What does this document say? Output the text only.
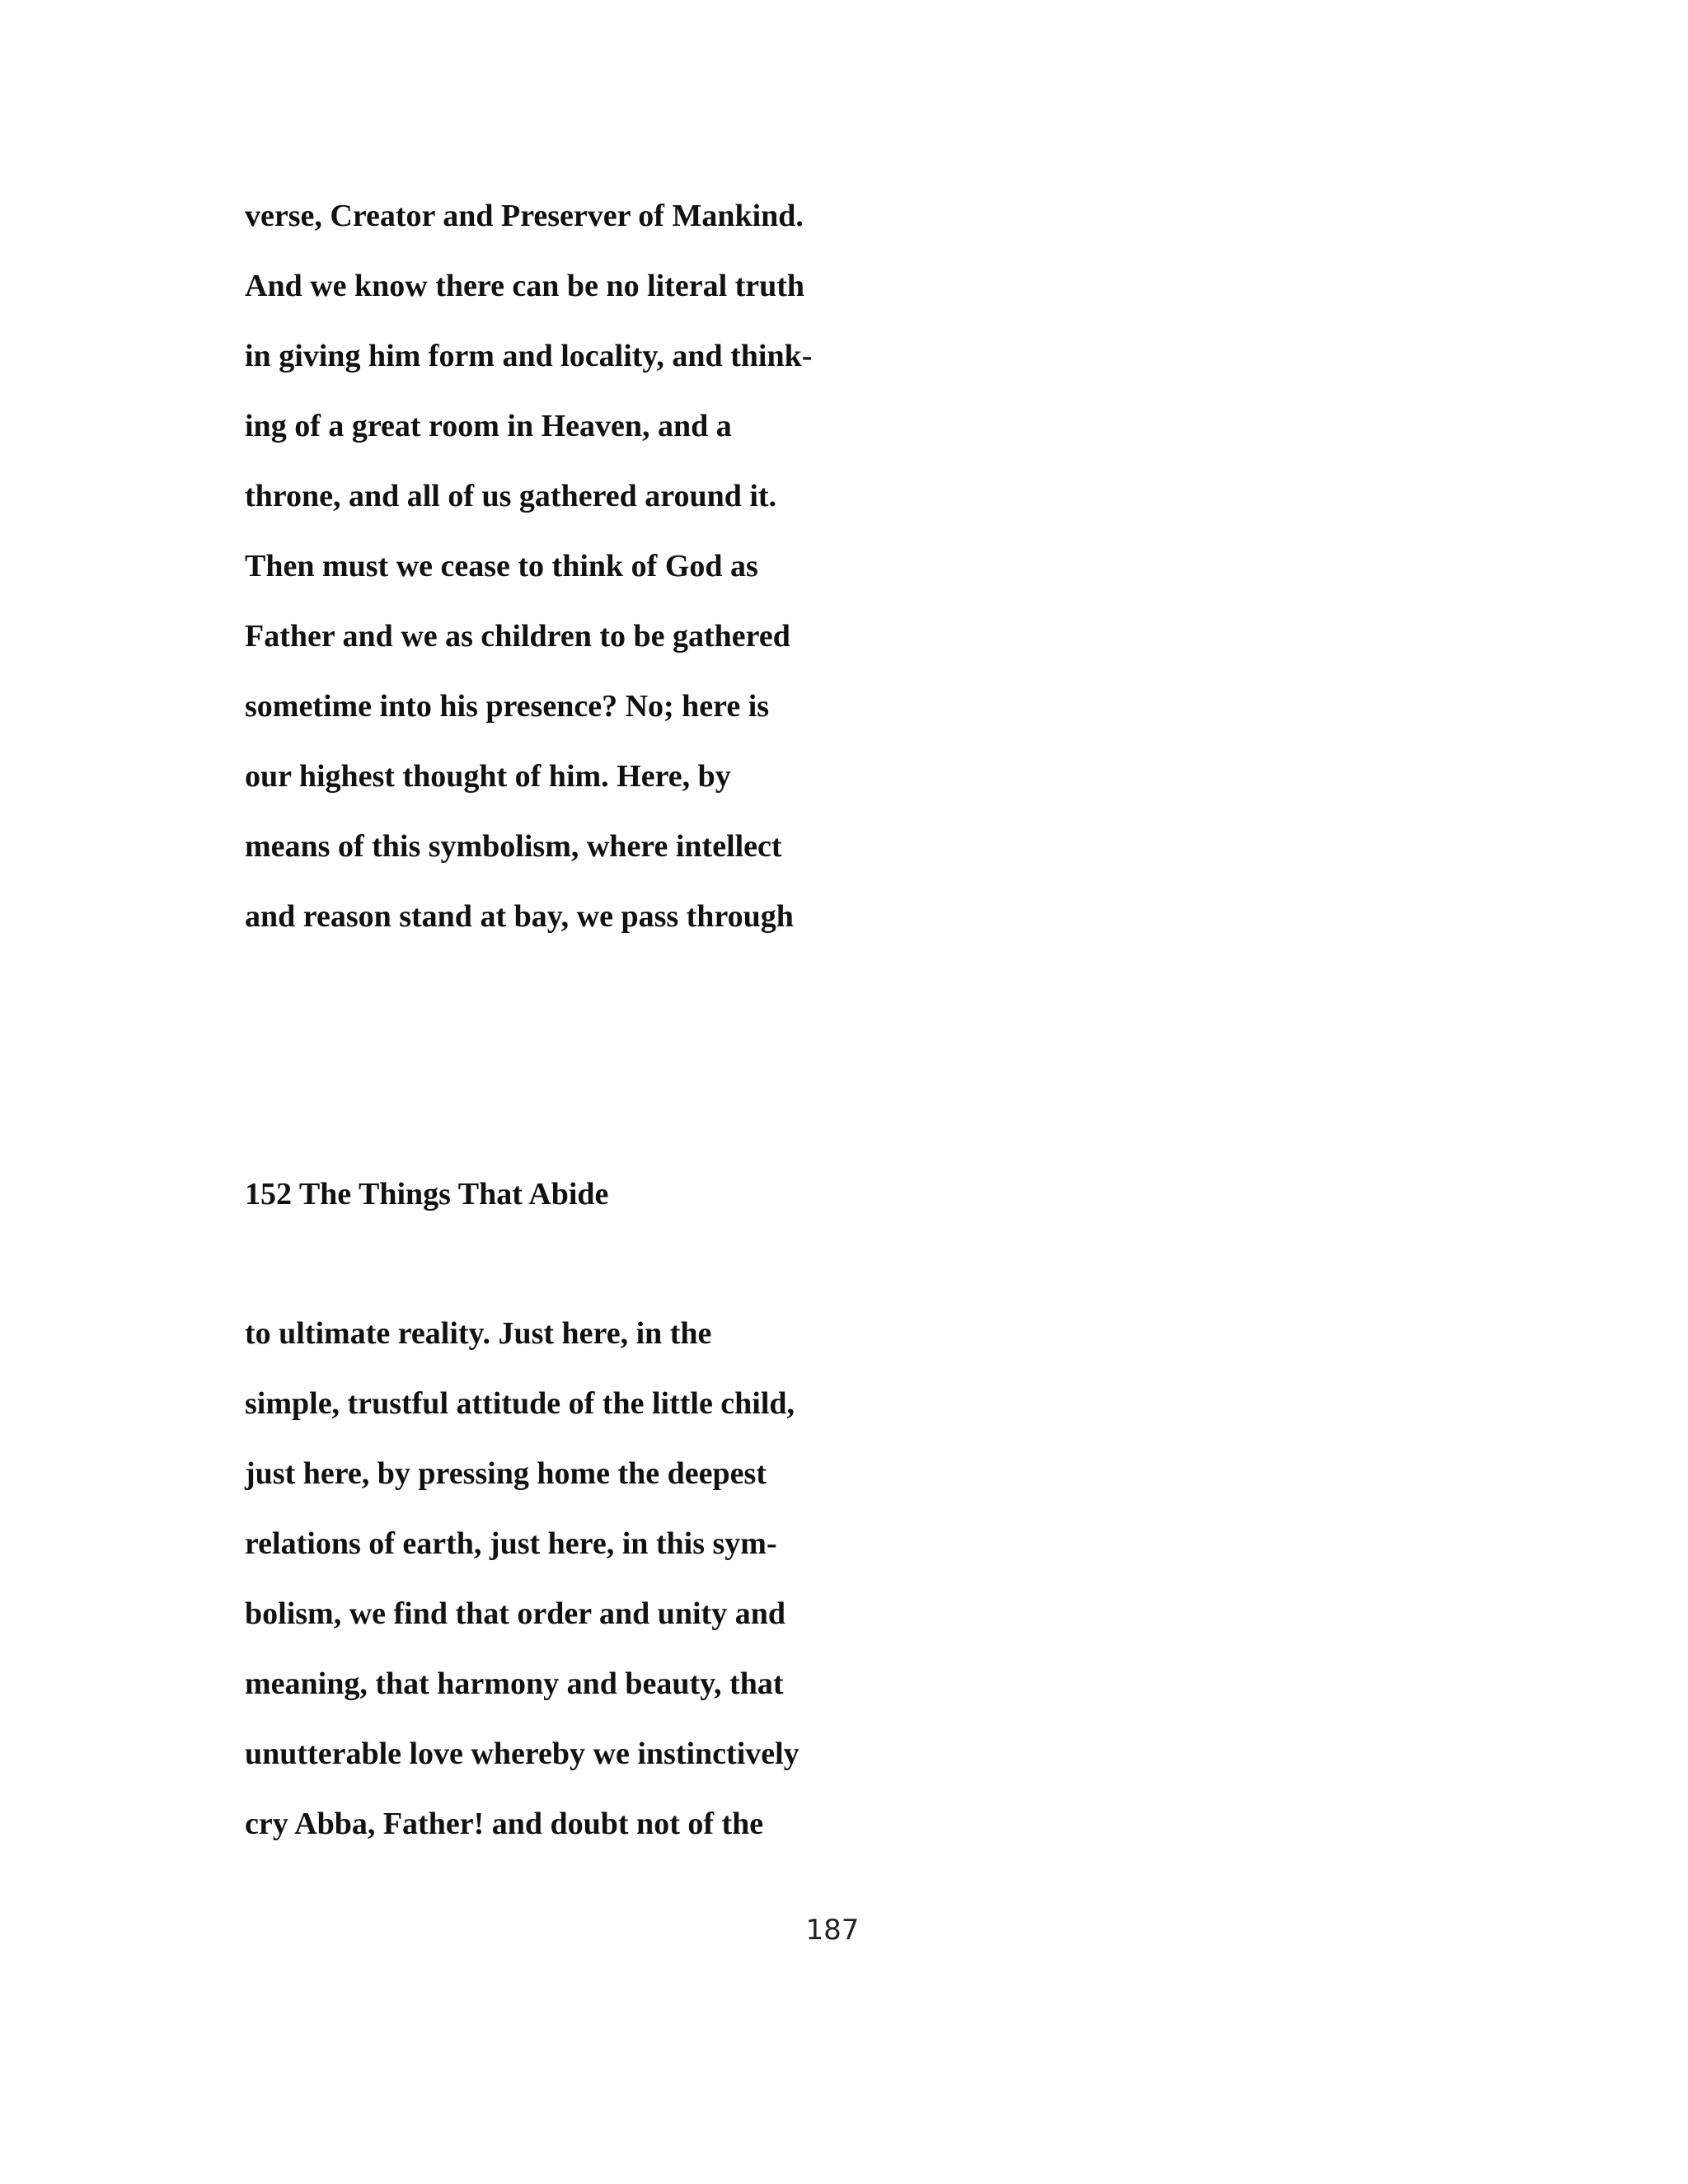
verse, Creator and Preserver of Mankind.
And we know there can be no literal truth
in giving him form and locality, and think-
ing of a great room in Heaven, and a
throne, and all of us gathered around it.
Then must we cease to think of God as
Father and we as children to be gathered
sometime into his presence? No; here is
our highest thought of him. Here, by
means of this symbolism, where intellect
and reason stand at bay, we pass through
152 The Things That Abide
to ultimate reality. Just here, in the
simple, trustful attitude of the little child,
just here, by pressing home the deepest
relations of earth, just here, in this sym-
bolism, we find that order and unity and
meaning, that harmony and beauty, that
unutterable love whereby we instinctively
cry Abba, Father! and doubt not of the
187
